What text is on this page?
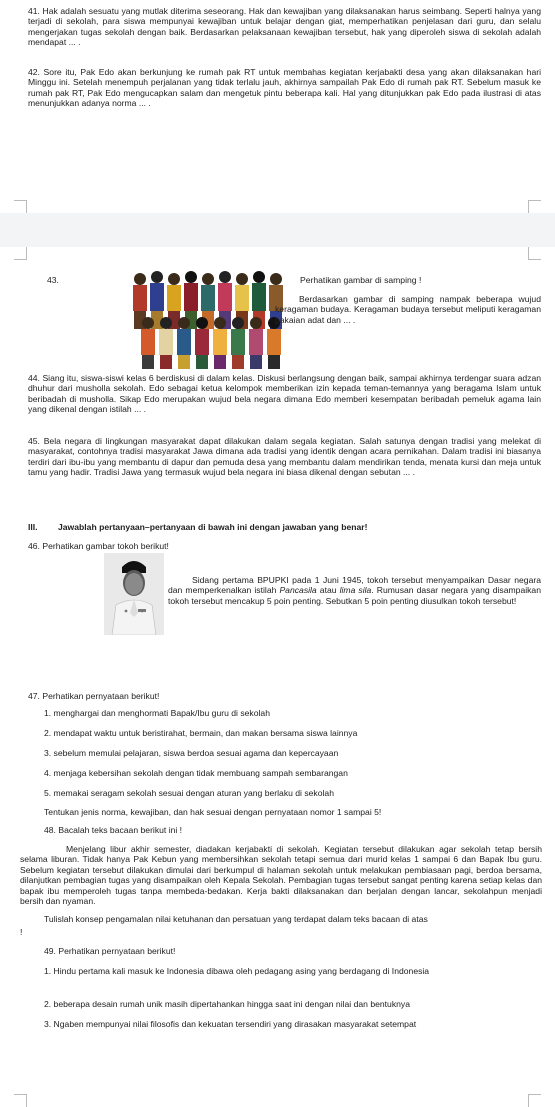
41. Hak adalah sesuatu yang mutlak diterima seseorang. Hak dan kewajiban yang dilaksanakan harus seimbang. Seperti halnya yang terjadi di sekolah, para siswa mempunyai kewajiban untuk belajar dengan giat, memperhatikan penjelasan dari guru, dan selalu mengerjakan tugas sekolah dengan baik. Berdasarkan pelaksanaan kewajiban tersebut, hak yang diperoleh siswa di sekolah adalah mendapat ... .

42. Sore itu, Pak Edo akan berkunjung ke rumah pak RT untuk membahas kegiatan kerjabakti desa yang akan dilaksanakan hari Minggu ini. Setelah menempuh perjalanan yang tidak terlalu jauh, akhirnya sampailah Pak Edo di rumah pak RT. Sebelum masuk ke rumah pak RT, Pak Edo mengucapkan salam dan mengetuk pintu beberapa kali. Hal yang ditunjukkan pak Edo pada ilustrasi di atas menunjukkan adanya norma ... .

43.	Perhatikan gambar di samping !

Berdasarkan gambar di samping nampak beberapa wujud keragaman budaya. Keragaman budaya tersebut meliputi keragaman pakaian adat dan ... .

44. Siang itu, siswa-siswi kelas 6 berdiskusi di dalam kelas. Diskusi berlangsung dengan baik, sampai akhirnya terdengar suara adzan dhuhur dari musholla sekolah. Edo sebagai ketua kelompok memberikan izin kepada teman-temannya yang beragama Islam untuk beribadah di musholla. Sikap Edo merupakan wujud bela negara dimana Edo memberi kesempatan beribadah pemeluk agama lain yang dikenal dengan istilah ... .

45. Bela negara di lingkungan masyarakat dapat dilakukan dalam segala kegiatan. Salah satunya dengan tradisi yang melekat di masyarakat, contohnya tradisi masyarakat Jawa dimana ada tradisi yang identik dengan acara pernikahan. Dalam tradisi ini biasanya terdiri dari ibu-ibu yang membantu di dapur dan pemuda desa yang membantu dalam mendirikan tenda, menata kursi dan meja untuk tamu yang hadir. Tradisi Jawa yang termasuk wujud bela negara ini biasa dikenal dengan sebutan ... .

III. Jawablah pertanyaan–pertanyaan di bawah ini dengan jawaban yang benar!
46. Perhatikan gambar tokoh berikut!

Sidang pertama BPUPKI pada 1 Juni 1945, tokoh tersebut menyampaikan Dasar negara dan memperkenalkan istilah Pancasila atau lima sila. Rumusan dasar negara yang disampaikan tokoh tersebut mencakup 5 poin penting. Sebutkan 5 poin penting diusulkan tokoh tersebut!

47. Perhatikan pernyataan berikut!
1. menghargai dan menghormati Bapak/Ibu guru di sekolah
2. mendapat waktu untuk beristirahat, bermain, dan makan bersama siswa lainnya
3. sebelum memulai pelajaran, siswa berdoa sesuai agama dan kepercayaan
4. menjaga kebersihan sekolah dengan tidak membuang sampah sembarangan
5. memakai seragam sekolah sesuai dengan aturan yang berlaku di sekolah
Tentukan jenis norma, kewajiban, dan hak sesuai dengan pernyataan nomor 1 sampai 5!
48. Bacalah teks bacaan berikut ini !

Menjelang libur akhir semester, diadakan kerjabakti di sekolah. Kegiatan tersebut dilakukan agar sekolah tetap bersih selama liburan. Tidak hanya Pak Kebun yang membersihkan sekolah tetapi semua dari murid kelas 1 sampai 6 dan Bapak Ibu guru. Sebelum kegiatan tersebut dilakukan dimulai dari berkumpul di halaman sekolah untuk melakukan pembiasaan pagi, berdoa bersama, dilanjutkan pembagian tugas yang disampaikan oleh Kepala Sekolah. Pembagian tugas tersebut sangat penting karena setiap kelas dan bapak ibu memperoleh tugas tanpa membeda-bedakan. Kerja bakti dilaksanakan dan berjalan dengan lancar, sekolahpun menjadi bersih dan nyaman.

Tulislah konsep pengamalan nilai ketuhanan dan persatuan yang terdapat dalam teks bacaan di atas

!
49. Perhatikan pernyataan berikut!

1. Hindu pertama kali masuk ke Indonesia dibawa oleh pedagang asing yang berdagang di Indonesia

2. beberapa desain rumah unik masih dipertahankan hingga saat ini dengan nilai dan bentuknya
3. Ngaben mempunyai nilai filosofis dan kekuatan tersendiri yang dirasakan masyarakat setempat
